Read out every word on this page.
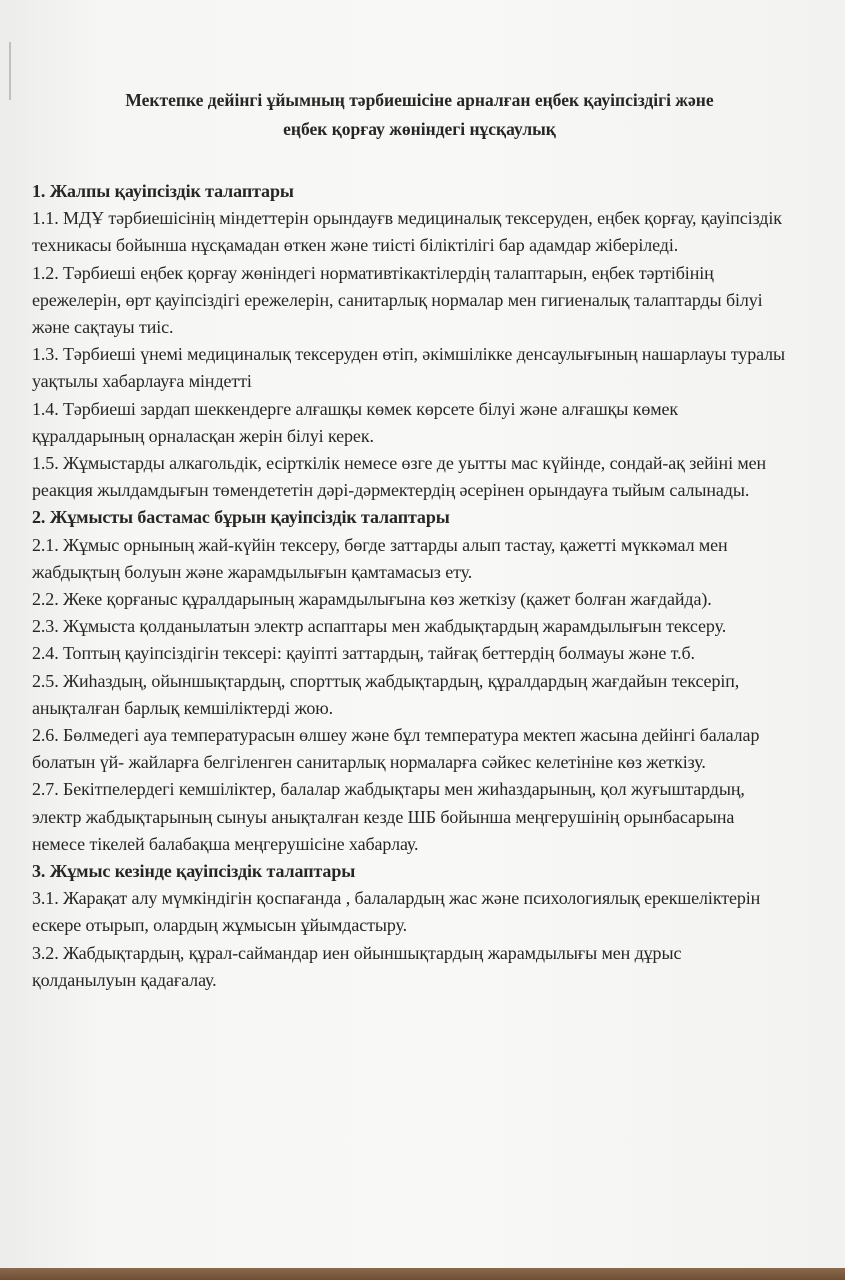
Мектепке дейінгі ұйымның тәрбиешісіне арналған еңбек қауіпсіздігі және
еңбек қорғау жөніндегі нұсқаулық
1. Жалпы қауіпсіздік талаптары
1.1. МДҰ тәрбиешісінің міндеттерін орындауғв медициналық тексеруден, еңбек қорғау, қауіпсіздік техникасы бойынша нұсқамадан өткен және тиісті біліктілігі бар адамдар жіберіледі.
1.2. Тәрбиеші еңбек қорғау жөніндегі нормативтікактілердің талаптарын, еңбек тәртібінің ережелерін, өрт қауіпсіздігі ережелерін, санитарлық нормалар мен гигиеналық талаптарды білуі және сақтауы тиіс.
1.3. Тәрбиеші үнемі медициналық тексеруден өтіп, әкімшілікке денсаулығының нашарлауы туралы уақтылы хабарлауға міндетті
1.4. Тәрбиеші зардап шеккендерге алғашқы көмек көрсете білуі және алғашқы көмек құралдарының орналасқан жерін білуі керек.
1.5. Жұмыстарды алкагольдік, есірткілік немесе өзге де уытты мас күйінде, сондай-ақ зейіні мен реакция жылдамдығын төмендететін дәрі-дәрмектердің әсерінен орындауға тыйым салынады.
2. Жұмысты бастамас бұрын қауіпсіздік талаптары
2.1. Жұмыс орнының жай-күйін тексеру, бөгде заттарды алып тастау, қажетті мүккәмал мен жабдықтың болуын және жарамдылығын қамтамасыз ету.
2.2. Жеке қорғаныс құралдарының жарамдылығына көз жеткізу (қажет болған жағдайда).
2.3. Жұмыста қолданылатын электр аспаптары мен жабдықтардың жарамдылығын тексеру.
2.4. Топтың қауіпсіздігін тексері: қауіпті заттардың, тайғақ беттердің болмауы және т.б.
2.5. Жиһаздың, ойыншықтардың, спорттық жабдықтардың, құралдардың жағдайын тексеріп, анықталған барлық кемшіліктерді жою.
2.6. Бөлмедегі ауа температурасын өлшеу және бұл температура мектеп жасына дейінгі балалар болатын үй- жайларға белгіленген санитарлық нормаларға сәйкес келетініне көз жеткізу.
2.7. Бекітпелердегі кемшіліктер, балалар жабдықтары мен жиһаздарының, қол жуғыштардың, электр жабдықтарының сынуы анықталған кезде ШБ бойынша меңгерушінің орынбасарына немесе тікелей балабақша меңгерушісіне хабарлау.
3. Жұмыс кезінде қауіпсіздік талаптары
3.1. Жарақат алу мүмкіндігін қоспағанда , балалардың жас және психологиялық ерекшеліктерін ескере отырып, олардың жұмысын ұйымдастыру.
3.2. Жабдықтардың, құрал-саймандар иен ойыншықтардың жарамдылығы мен дұрыс қолданылуын қадағалау.
